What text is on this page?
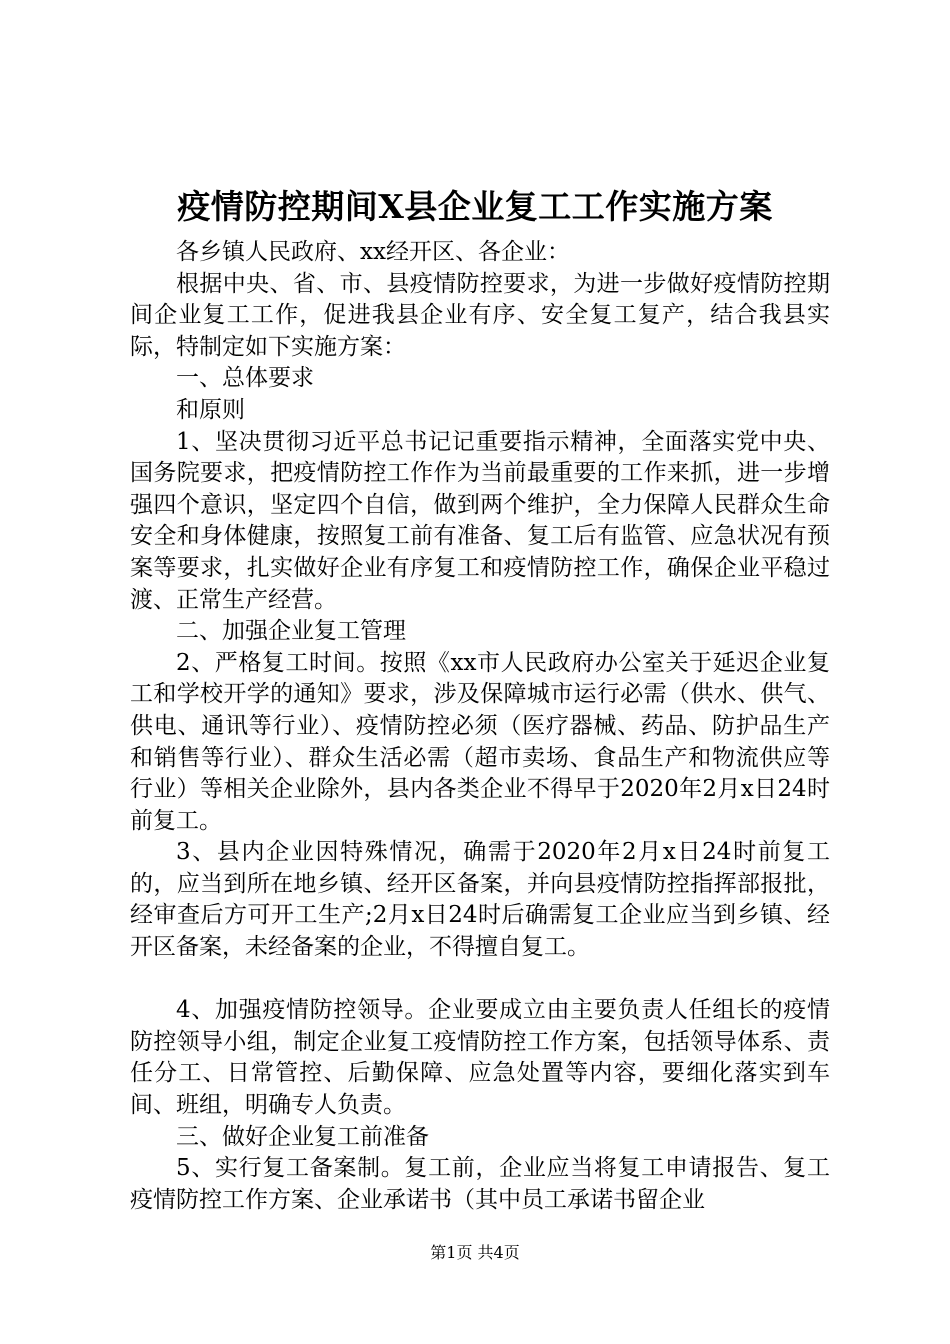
疫情防控期间X县企业复工工作实施方案

各乡镇人民政府、xx经开区、各企业：

根据中央、省、市、县疫情防控要求，为进一步做好疫情防控期间企业复工工作，促进我县企业有序、安全复工复产，结合我县实际，特制定如下实施方案：

一、总体要求

和原则

1、坚决贯彻习近平总书记记重要指示精神，全面落实党中央、国务院要求，把疫情防控工作作为当前最重要的工作来抓，进一步增强四个意识，坚定四个自信，做到两个维护，全力保障人民群众生命安全和身体健康，按照复工前有准备、复工后有监管、应急状况有预案等要求，扎实做好企业有序复工和疫情防控工作，确保企业平稳过渡、正常生产经营。

二、加强企业复工管理

2、严格复工时间。按照《xx市人民政府办公室关于延迟企业复工和学校开学的通知》要求，涉及保障城市运行必需（供水、供气、供电、通讯等行业）、疫情防控必须（医疗器械、药品、防护品生产和销售等行业）、群众生活必需（超市卖场、食品生产和物流供应等行业）等相关企业除外，县内各类企业不得早于2020年2月x日24时前复工。

3、县内企业因特殊情况，确需于2020年2月x日24时前复工的，应当到所在地乡镇、经开区备案，并向县疫情防控指挥部报批，经审查后方可开工生产;2月x日24时后确需复工企业应当到乡镇、经开区备案，未经备案的企业，不得擅自复工。

4、加强疫情防控领导。企业要成立由主要负责人任组长的疫情防控领导小组，制定企业复工疫情防控工作方案，包括领导体系、责任分工、日常管控、后勤保障、应急处置等内容，要细化落实到车间、班组，明确专人负责。

三、做好企业复工前准备

5、实行复工备案制。复工前，企业应当将复工申请报告、复工疫情防控工作方案、企业承诺书（其中员工承诺书留企业

第1页 共4页
